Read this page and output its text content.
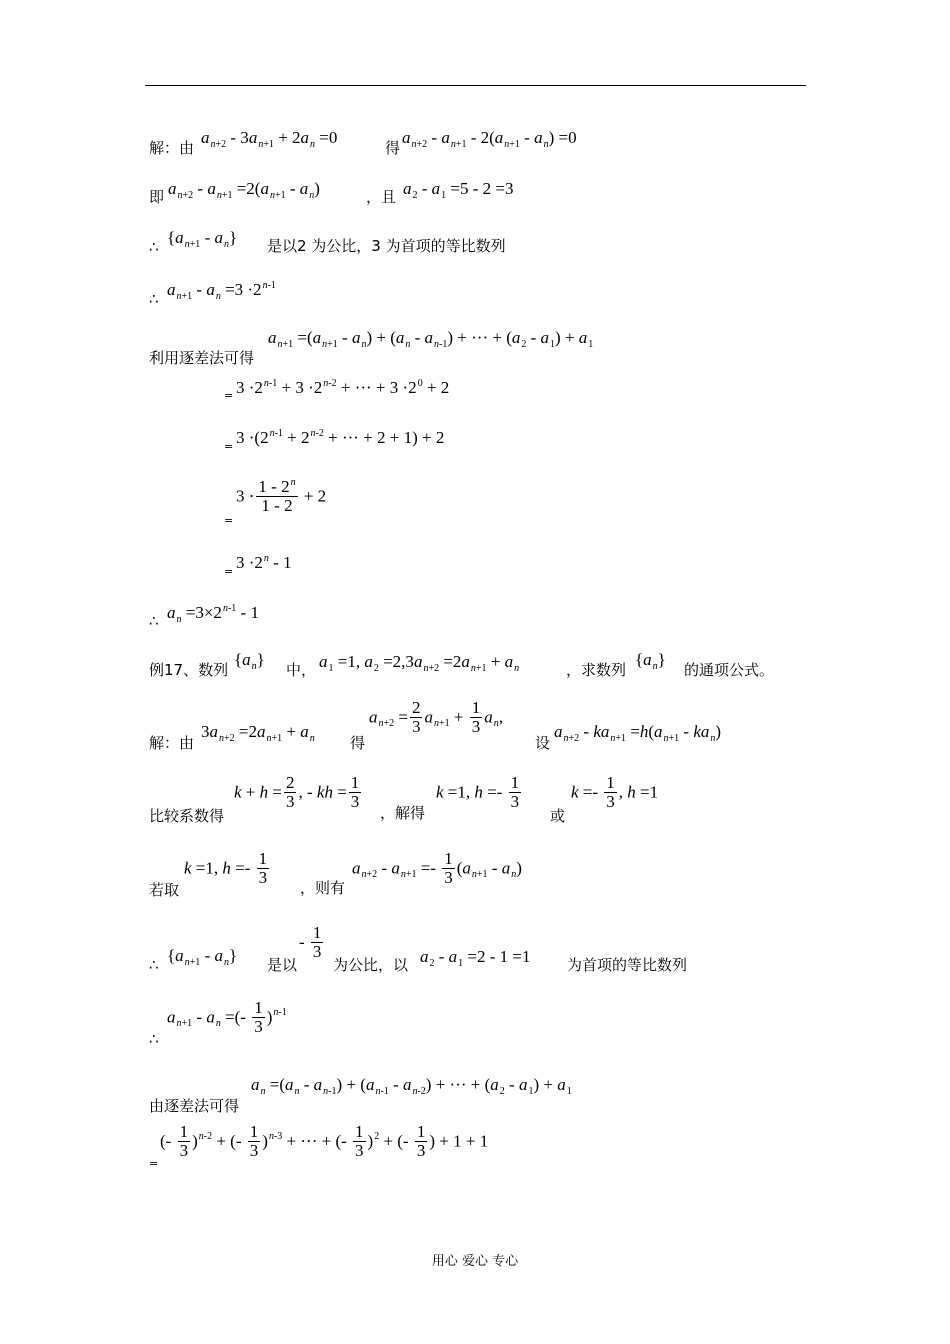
解：由
$a_{n+2} - 3a_{n+1} + 2a_n =0$
得
$a_{n+2} - a_{n+1} - 2(a_{n+1} - a_n) =0$
即 $a_{n+2} - a_{n+1} =2(a_{n+1} - a_n)$	，且 $a_2 - a_1 =5 - 2 =3$
∴ $\{a_{n+1} - a_n\}$ 是以2 为公比，3 为首项的等比数列
∴ $a_{n+1} - a_n =3 \cdot 2^{n-1}$
$a_{n+1} =(a_{n+1} - a_n) + (a_n - a_{n-1})$ + ··· + $(a_2 - a_1) + a_1$
利用逐差法可得
= $3 \cdot 2^{n-1} + 3 \cdot 2^{n-2}$ + ··· + $3 \cdot 2^0 + 2$
= $3 \cdot(2^{n-1} + 2^{n-2}$ + ··· + 2 + 1) + 2
=
$3 \cdot \frac{1 - 2^n}{1 - 2} + 2$
= $3 \cdot 2^n - 1$
∴ $a_n =3\times 2^{n-1} - 1$
例17、数列
$\{a_n\}$
中， $a_1 =1$, $a_2 =2,3a_{n+2} =2a_{n+1} + a_n$	，求数列
$\{a_n\}$
的通项公式。
解：由
$3a_{n+2} =2a_{n+1} + a_n$ 得
$a_{n+2} = \frac{2}{3} a_{n+1} + \frac{1}{3} a_n$,
设
$a_{n+2} - ka_{n+1} =h(a_{n+1} - ka_n)$
比较系数得
$k + h = \frac{2}{3}$ , - kh = $\frac{1}{3}$
，解得
k =1, $h =- \frac{1}{3}$
或
$k =- \frac{1}{3}$ , h =1
若取
k =1, $h =- \frac{1}{3}$
，则有
$a_{n+2} - a_{n+1} =- \frac{1}{3} (a_{n+1} - a_n)$
∴ $\{a_{n+1} - a_n\}$ 是以
- $\frac{1}{3}$
为公比，以 $a_2 - a_1 =2 - 1 =1$ 为首项的等比数列
∴
$a_{n+1} - a_n$ =(- $\frac{1}{3} )^{n-1}$
$a_n =(a_n - a_{n-1}) + (a_{n-1} - a_{n-2})$ + ··· + $(a_2 - a_1) + a_1$
由逐差法可得
=
(- $\frac{1}{3} )^{n-2}$ + (- $\frac{1}{3} )^{n-3}$ + ··· + (- $\frac{1}{3} )^2$ + (- $\frac{1}{3}$ ) + 1 + 1
用心 爱心 专心
